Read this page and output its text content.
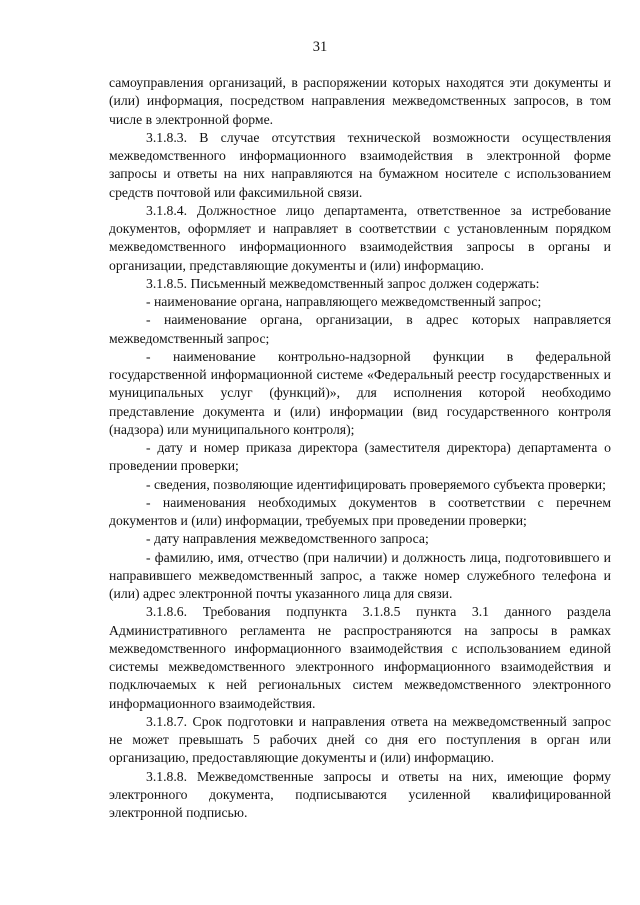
31

самоуправления организаций, в распоряжении которых находятся эти документы и (или) информация, посредством направления межведомственных запросов, в том числе в электронной форме.

3.1.8.3. В случае отсутствия технической возможности осуществления межведомственного информационного взаимодействия в электронной форме запросы и ответы на них направляются на бумажном носителе с использованием средств почтовой или факсимильной связи.

3.1.8.4. Должностное лицо департамента, ответственное за истребование документов, оформляет и направляет в соответствии с установленным порядком межведомственного информационного взаимодействия запросы в органы и организации, представляющие документы и (или) информацию.

3.1.8.5. Письменный межведомственный запрос должен содержать:

- наименование органа, направляющего межведомственный запрос;

- наименование органа, организации, в адрес которых направляется межведомственный запрос;

- наименование контрольно-надзорной функции в федеральной государственной информационной системе «Федеральный реестр государственных и муниципальных услуг (функций)», для исполнения которой необходимо представление документа и (или) информации (вид государственного контроля (надзора) или муниципального контроля);

- дату и номер приказа директора (заместителя директора) департамента о проведении проверки;

- сведения, позволяющие идентифицировать проверяемого субъекта проверки;

- наименования необходимых документов в соответствии с перечнем документов и (или) информации, требуемых при проведении проверки;

- дату направления межведомственного запроса;

- фамилию, имя, отчество (при наличии) и должность лица, подготовившего и направившего межведомственный запрос, а также номер служебного телефона и (или) адрес электронной почты указанного лица для связи.

3.1.8.6. Требования подпункта 3.1.8.5 пункта 3.1 данного раздела Административного регламента не распространяются на запросы в рамках межведомственного информационного взаимодействия с использованием единой системы межведомственного электронного информационного взаимодействия и подключаемых к ней региональных систем межведомственного электронного информационного взаимодействия.

3.1.8.7. Срок подготовки и направления ответа на межведомственный запрос не может превышать 5 рабочих дней со дня его поступления в орган или организацию, предоставляющие документы и (или) информацию.

3.1.8.8. Межведомственные запросы и ответы на них, имеющие форму электронного документа, подписываются усиленной квалифицированной электронной подписью.
